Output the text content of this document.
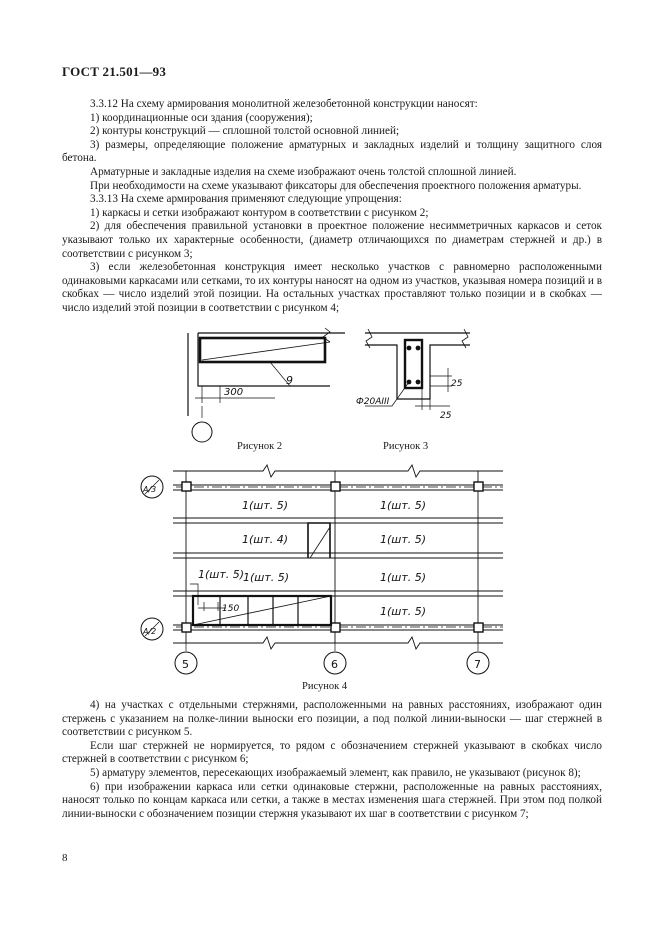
ГОСТ 21.501—93

3.3.12 На схему армирования монолитной железобетонной конструкции наносят:

1) координационные оси здания (сооружения);

2) контуры конструкций — сплошной толстой основной линией;

3) размеры, определяющие положение арматурных и закладных изделий и толщину защитного слоя бетона.

Арматурные и закладные изделия на схеме изображают очень толстой сплошной линией.

При необходимости на схеме указывают фиксаторы для обеспечения проектного положения арматуры.

3.3.13 На схеме армирования применяют следующие упрощения:

1) каркасы и сетки изображают контуром в соответствии с рисунком 2;

2) для обеспечения правильной установки в проектное положение несимметричных каркасов и сеток указывают только их характерные особенности, (диаметр отличающихся по диаметрам стержней и др.) в соответствии с рисунком 3;

3) если железобетонная конструкция имеет несколько участков с равномерно расположенными одинаковыми каркасами или сетками, то их контуры наносят на одном из участков, указывая номера позиций и в скобках — число изделий этой позиции. На остальных участках проставляют только позиции и в скобках — число изделий этой позиции в соответствии с рисунком 4;

300
9
Рисунок 2
25
25
Ф20АIII
Рисунок 3
150
1(шт. 5)	1(шт. 5)
1(шт. 4)	1(шт. 5)
1(шт. 5)
1(шт. 5)	1(шт. 5)
1(шт. 5)
А/3
А/2
5	6	7
Рисунок 4

4) на участках с отдельными стержнями, расположенными на равных расстояниях, изображают один стержень с указанием на полке-линии выноски его позиции, а под полкой линии-выноски — шаг стержней в соответствии с рисунком 5.

Если шаг стержней не нормируется, то рядом с обозначением стержней указывают в скобках число стержней в соответствии с рисунком 6;

5) арматуру элементов, пересекающих изображаемый элемент, как правило, не указывают (рисунок 8);

6) при изображении каркаса или сетки одинаковые стержни, расположенные на равных расстояниях, наносят только по концам каркаса или сетки, а также в местах изменения шага стержней. При этом под полкой линии-выноски с обозначением позиции стержня указывают их шаг в соответствии с рисунком 7;

8
